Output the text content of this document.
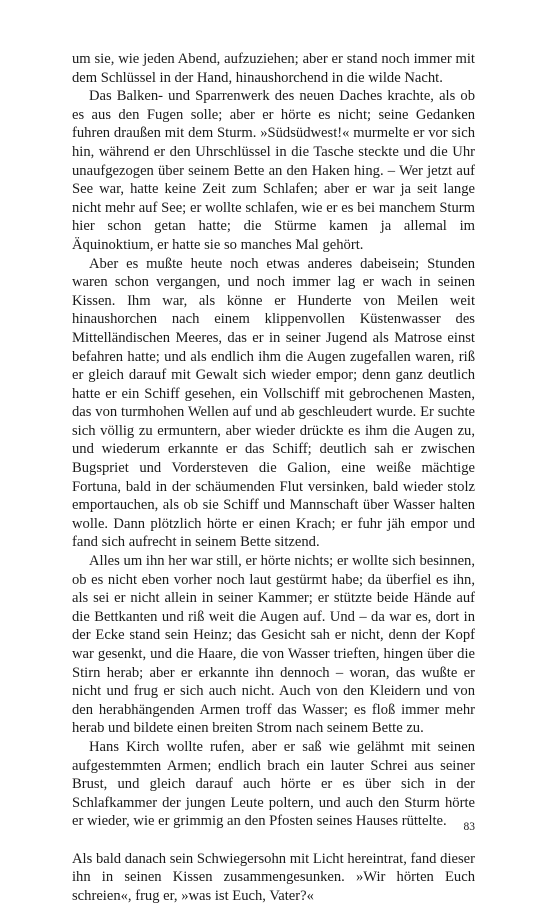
um sie, wie jeden Abend, aufzuziehen; aber er stand noch immer mit dem Schlüssel in der Hand, hinaushorchend in die wilde Nacht.

Das Balken- und Sparrenwerk des neuen Daches krachte, als ob es aus den Fugen solle; aber er hörte es nicht; seine Gedanken fuhren draußen mit dem Sturm. »Südsüdwest!« murmelte er vor sich hin, während er den Uhrschlüssel in die Tasche steckte und die Uhr unaufgezogen über seinem Bette an den Haken hing. – Wer jetzt auf See war, hatte keine Zeit zum Schlafen; aber er war ja seit lange nicht mehr auf See; er wollte schlafen, wie er es bei manchem Sturm hier schon getan hatte; die Stürme kamen ja allemal im Äquinoktium, er hatte sie so manches Mal gehört.

Aber es mußte heute noch etwas anderes dabeisein; Stunden waren schon vergangen, und noch immer lag er wach in seinen Kissen. Ihm war, als könne er Hunderte von Meilen weit hinaushorchen nach einem klippenvollen Küstenwasser des Mittelländischen Meeres, das er in seiner Jugend als Matrose einst befahren hatte; und als endlich ihm die Augen zugefallen waren, riß er gleich darauf mit Gewalt sich wieder empor; denn ganz deutlich hatte er ein Schiff gesehen, ein Vollschiff mit gebrochenen Masten, das von turmhohen Wellen auf und ab geschleudert wurde. Er suchte sich völlig zu ermuntern, aber wieder drückte es ihm die Augen zu, und wiederum erkannte er das Schiff; deutlich sah er zwischen Bugspriet und Vordersteven die Galion, eine weiße mächtige Fortuna, bald in der schäumenden Flut versinken, bald wieder stolz emportauchen, als ob sie Schiff und Mannschaft über Wasser halten wolle. Dann plötzlich hörte er einen Krach; er fuhr jäh empor und fand sich aufrecht in seinem Bette sitzend.

Alles um ihn her war still, er hörte nichts; er wollte sich besinnen, ob es nicht eben vorher noch laut gestürmt habe; da überfiel es ihn, als sei er nicht allein in seiner Kammer; er stützte beide Hände auf die Bettkanten und riß weit die Augen auf. Und – da war es, dort in der Ecke stand sein Heinz; das Gesicht sah er nicht, denn der Kopf war gesenkt, und die Haare, die von Wasser trieften, hingen über die Stirn herab; aber er erkannte ihn dennoch – woran, das wußte er nicht und frug er sich auch nicht. Auch von den Kleidern und von den herabhängenden Armen troff das Wasser; es floß immer mehr herab und bildete einen breiten Strom nach seinem Bette zu.

Hans Kirch wollte rufen, aber er saß wie gelähmt mit seinen aufgestemmten Armen; endlich brach ein lauter Schrei aus seiner Brust, und gleich darauf auch hörte er es über sich in der Schlafkammer der jungen Leute poltern, und auch den Sturm hörte er wieder, wie er grimmig an den Pfosten seines Hauses rüttelte.

Als bald danach sein Schwiegersohn mit Licht hereintrat, fand dieser ihn in seinen Kissen zusammengesunken. »Wir hörten Euch schreien«, frug er, »was ist Euch, Vater?«

83
